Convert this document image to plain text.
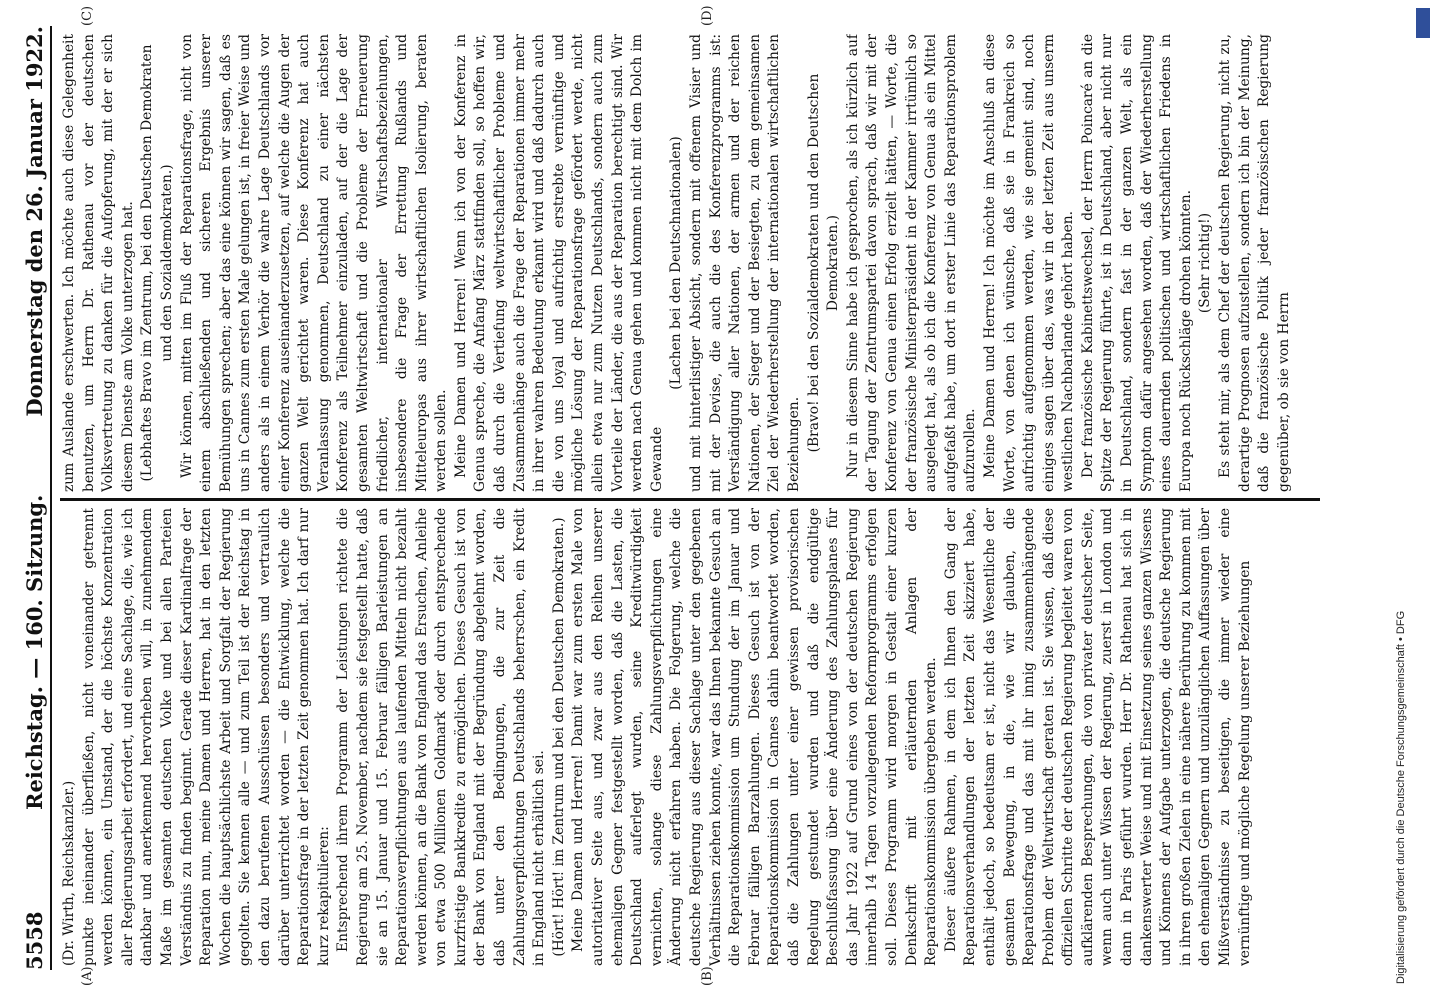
5558
Reichstag. — 160. Sitzung.
Donnerstag den 26. Januar 1922.
(A)	(B)
(C)	(D)

(Dr. Wirth, Reichskanzler.) punkte ineinander überfließen, nicht voneinander getrennt werden können, ein Umstand, der die höchste Konzentration aller Regierungsarbeit erfordert, und eine Sachlage, die, wie ich dankbar und anerkennend hervorheben will, in zunehmendem Maße im gesamten deutschen Volke und bei allen Parteien Verständnis zu finden beginnt. Gerade dieser Kardinalfrage der Reparation nun, meine Damen und Herren, hat in den letzten Wochen die hauptsächlichste Arbeit und Sorgfalt der Regierung gegolten. Sie kennen alle — und zum Teil ist der Reichstag in den dazu berufenen Ausschüssen besonders und vertraulich darüber unterrichtet worden — die Entwicklung, welche die Reparationsfrage in der letzten Zeit genommen hat. Ich darf nur kurz rekapitulieren: Entsprechend ihrem Programm der Leistungen richtete die Regierung am 25. November, nachdem sie festgestellt hatte, daß sie an 15. Januar und 15. Februar fälligen Barleistungen an Reparationsverpflichtungen aus laufenden Mitteln nicht bezahlt werden können, an die Bank von England das Ersuchen, Anleihe von etwa 500 Millionen Goldmark oder durch entsprechende kurzfristige Bankkredite zu ermöglichen. Dieses Gesuch ist von der Bank von England mit der Begründung abgelehnt worden, daß unter den Bedingungen, die zur Zeit die Zahlungsverpflichtungen Deutschlands beherrschen, ein Kredit in England nicht erhältlich sei. (Hört! Hört! im Zentrum und bei den Deutschen Demokraten.) Meine Damen und Herren! Damit war zum ersten Male von autoritativer Seite aus, und zwar aus den Reihen unserer ehemaligen Gegner festgestellt worden, daß die Lasten, die Deutschland auferlegt wurden, seine Kreditwürdigkeit vernichten, solange diese Zahlungsverpflichtungen eine Änderung nicht erfahren haben. Die Folgerung, welche die deutsche Regierung aus dieser Sachlage unter den gegebenen Verhältnissen ziehen konnte, war das Ihnen bekannte Gesuch an die Reparationskommission um Stundung der im Januar und Februar fälligen Barzahlungen. Dieses Gesuch ist von der Reparationskommission in Cannes dahin beantwortet worden, daß die Zahlungen unter einer gewissen provisorischen Regelung gestundet wurden und daß die endgültige Beschlußfassung über eine Änderung des Zahlungsplanes für das Jahr 1922 auf Grund eines von der deutschen Regierung innerhalb 14 Tagen vorzulegenden Reformprogramms erfolgen soll. Dieses Programm wird morgen in Gestalt einer kurzen Denkschrift mit erläuternden Anlagen der Reparationskommission übergeben werden. Dieser äußere Rahmen, in dem ich Ihnen den Gang der Reparationsverhandlungen der letzten Zeit skizziert habe, enthält jedoch, so bedeutsam er ist, nicht das Wesentliche der gesamten Bewegung, in die, wie wir glauben, die Reparationsfrage und das mit ihr innig zusammenhängende Problem der Weltwirtschaft geraten ist. Sie wissen, daß diese offiziellen Schritte der deutschen Regierung begleitet waren von aufklärenden Besprechungen, die von privater deutscher Seite, wenn auch unter Wissen der Regierung, zuerst in London und dann in Paris geführt wurden. Herr Dr. Rathenau hat sich in dankenswerter Weise und mit Einsetzung seines ganzen Wissens und Könnens der Aufgabe unterzogen, die deutsche Regierung in ihren großen Zielen in eine nähere Berührung zu kommen mit den ehemaligen Gegnern und unzulänglichen Auffassungen über Mißverständnisse zu beseitigen, die immer wieder eine vernünftige und mögliche Regelung unserer Beziehungen

zum Auslande erschwerten. Ich möchte auch diese Gelegenheit benutzen, um Herrn Dr. Rathenau vor der deutschen Volksvertretung zu danken für die Aufopferung, mit der er sich diesem Dienste am Volke unterzogen hat. (Lebhaftes Bravo im Zentrum, bei den Deutschen Demokraten und den Sozialdemokraten.) Wir können, mitten im Fluß der Reparationsfrage, nicht von einem abschließenden und sicheren Ergebnis unserer Bemühungen sprechen; aber das eine können wir sagen, daß es uns in Cannes zum ersten Male gelungen ist, in freier Weise und anders als in einem Verhör die wahre Lage Deutschlands vor einer Konferenz auseinanderzusetzen, auf welche die Augen der ganzen Welt gerichtet waren. Diese Konferenz hat auch Veranlassung genommen, Deutschland zu einer nächsten Konferenz als Teilnehmer einzuladen, auf der die Lage der gesamten Weltwirtschaft und die Probleme der Erneuerung friedlicher, internationaler Wirtschaftsbeziehungen, insbesondere die Frage der Errettung Rußlands und Mitteleuropas aus ihrer wirtschaftlichen Isolierung, beraten werden sollen. Meine Damen und Herren! Wenn ich von der Konferenz in Genua spreche, die Anfang März stattfinden soll, so hoffen wir, daß durch die Vertiefung weltwirtschaftlicher Probleme und Zusammenhänge auch die Frage der Reparationen immer mehr in ihrer wahren Bedeutung erkannt wird und daß dadurch auch die von uns loyal und aufrichtig erstrebte vernünftige und mögliche Lösung der Reparationsfrage gefördert werde, nicht allein etwa nur zum Nutzen Deutschlands, sondern auch zum Vorteile der Länder, die aus der Reparation berechtigt sind. Wir werden nach Genua gehen und kommen nicht mit dem Dolch im Gewande

(Lachen bei den Deutschnationalen) und mit hinterlistiger Absicht, sondern mit offenem Visier und mit der Devise, die auch die des Konferenzprogramms ist: Verständigung aller Nationen, der armen und der reichen Nationen, der Sieger und der Besiegten, zu dem gemeinsamen Ziel der Wiederherstellung der internationalen wirtschaftlichen Beziehungen. (Bravo! bei den Sozialdemokraten und den Deutschen Demokraten.) Nur in diesem Sinne habe ich gesprochen, als ich kürzlich auf der Tagung der Zentrumspartei davon sprach, daß wir mit der Konferenz von Genua einen Erfolg erzielt hätten, — Worte, die der französische Ministerpräsident in der Kammer irrtümlich so ausgelegt hat, als ob ich die Konferenz von Genua als ein Mittel aufgefaßt habe, um dort in erster Linie das Reparationsproblem aufzurollen. Meine Damen und Herren! Ich möchte im Anschluß an diese Worte, von denen ich wünsche, daß sie in Frankreich so aufrichtig aufgenommen werden, wie sie gemeint sind, noch einiges sagen über das, was wir in der letzten Zeit aus unserm westlichen Nachbarlande gehört haben. Der französische Kabinettswechsel, der Herrn Poincaré an die Spitze der Regierung führte, ist in Deutschland, aber nicht nur in Deutschland, sondern fast in der ganzen Welt, als ein Symptom dafür angesehen worden, daß der Wiederherstellung eines dauernden politischen und wirtschaftlichen Friedens in Europa noch Rückschläge drohen könnten. (Sehr richtig!) Es steht mir, als dem Chef der deutschen Regierung, nicht zu, derartige Prognosen aufzustellen, sondern ich bin der Meinung, daß die französische Politik jeder französischen Regierung gegenüber, ob sie von Herrn

Digitalisierung gefördert durch die Deutsche Forschungsgemeinschaft • DFG
